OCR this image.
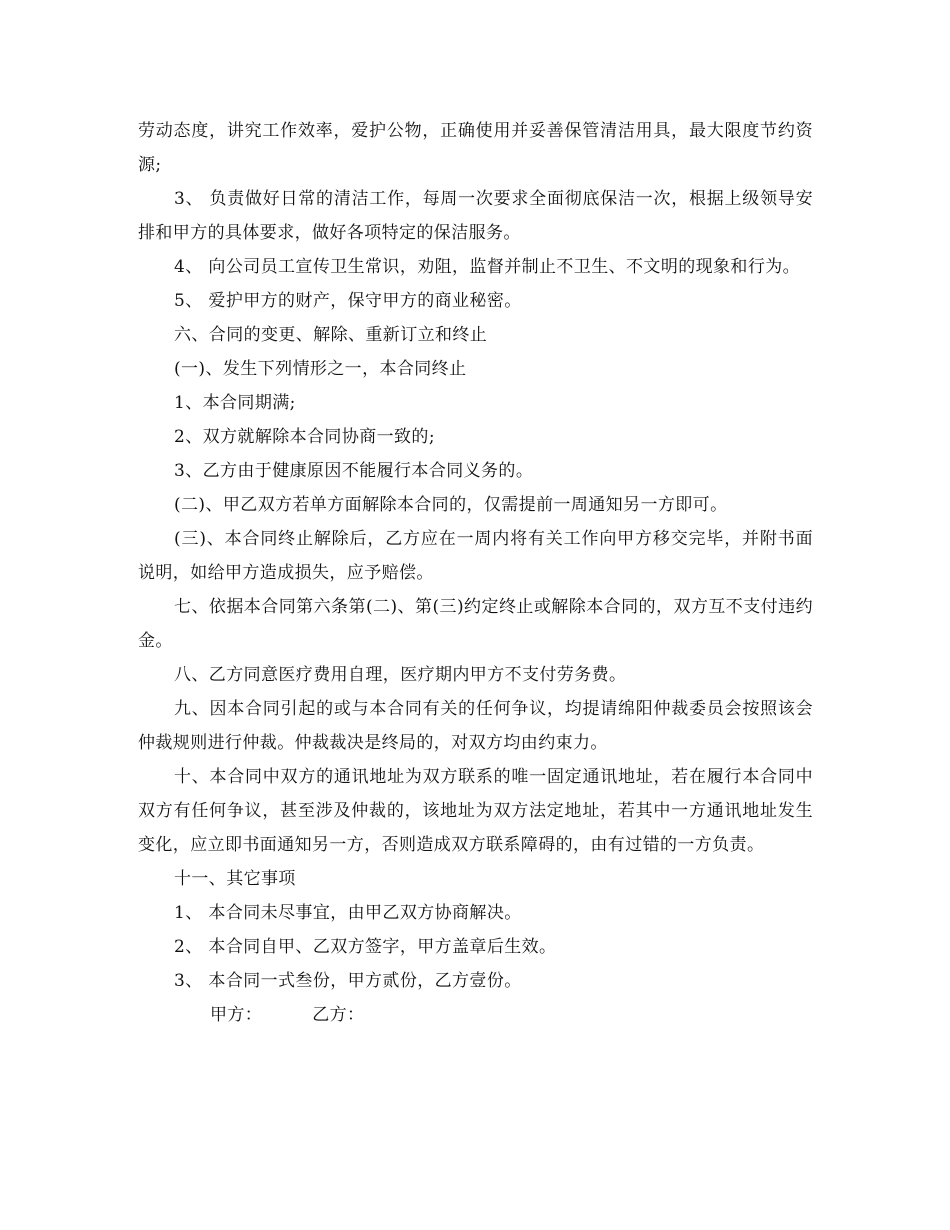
劳动态度，讲究工作效率，爱护公物，正确使用并妥善保管清洁用具，最大限度节约资源;

3、 负责做好日常的清洁工作，每周一次要求全面彻底保洁一次，根据上级领导安排和甲方的具体要求，做好各项特定的保洁服务。

4、 向公司员工宣传卫生常识，劝阻，监督并制止不卫生、不文明的现象和行为。

5、 爱护甲方的财产，保守甲方的商业秘密。

六、合同的变更、解除、重新订立和终止

(一)、发生下列情形之一，本合同终止

1、本合同期满;

2、双方就解除本合同协商一致的;

3、乙方由于健康原因不能履行本合同义务的。

(二)、甲乙双方若单方面解除本合同的，仅需提前一周通知另一方即可。

(三)、本合同终止解除后，乙方应在一周内将有关工作向甲方移交完毕，并附书面说明，如给甲方造成损失，应予赔偿。

七、依据本合同第六条第(二)、第(三)约定终止或解除本合同的，双方互不支付违约金。

八、乙方同意医疗费用自理，医疗期内甲方不支付劳务费。

九、因本合同引起的或与本合同有关的任何争议，均提请绵阳仲裁委员会按照该会仲裁规则进行仲裁。仲裁裁决是终局的，对双方均由约束力。

十、本合同中双方的通讯地址为双方联系的唯一固定通讯地址，若在履行本合同中双方有任何争议，甚至涉及仲裁的，该地址为双方法定地址，若其中一方通讯地址发生变化，应立即书面通知另一方，否则造成双方联系障碍的，由有过错的一方负责。

十一、其它事项

1、 本合同未尽事宜，由甲乙双方协商解决。

2、 本合同自甲、乙双方签字，甲方盖章后生效。

3、 本合同一式叁份，甲方贰份，乙方壹份。

甲方：	乙方：
